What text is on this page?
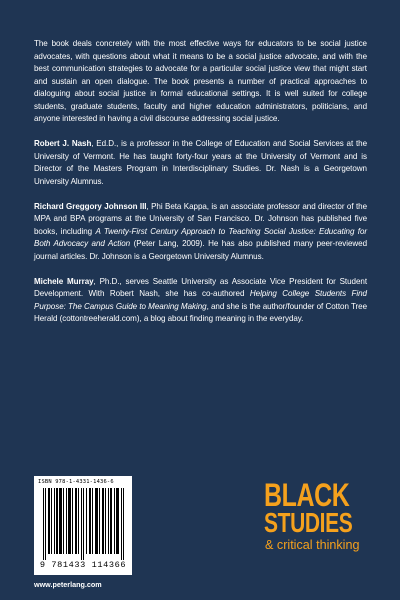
The book deals concretely with the most effective ways for educators to be social justice advocates, with questions about what it means to be a social justice advocate, and with the best communication strategies to advocate for a particular social justice view that might start and sustain an open dialogue. The book presents a number of practical approaches to dialoguing about social justice in formal educational settings. It is well suited for college students, graduate students, faculty and higher education administrators, politicians, and anyone interested in having a civil discourse addressing social justice.

Robert J. Nash, Ed.D., is a professor in the College of Education and Social Services at the University of Vermont. He has taught forty-four years at the University of Vermont and is Director of the Masters Program in Interdisciplinary Studies. Dr. Nash is a Georgetown University Alumnus.

Richard Greggory Johnson III, Phi Beta Kappa, is an associate professor and director of the MPA and BPA programs at the University of San Francisco. Dr. Johnson has published five books, including A Twenty-First Century Approach to Teaching Social Justice: Educating for Both Advocacy and Action (Peter Lang, 2009). He has also published many peer-reviewed journal articles. Dr. Johnson is a Georgetown University Alumnus.

Michele Murray, Ph.D., serves Seattle University as Associate Vice President for Student Development. With Robert Nash, she has co-authored Helping College Students Find Purpose: The Campus Guide to Meaning Making, and she is the author/founder of Cotton Tree Herald (cottontreeherald.com), a blog about finding meaning in the everyday.

ISBN 978-1-4331-1436-6
9 781433 114366
www.peterlang.com
BLACK
STUDIES
& critical thinking
